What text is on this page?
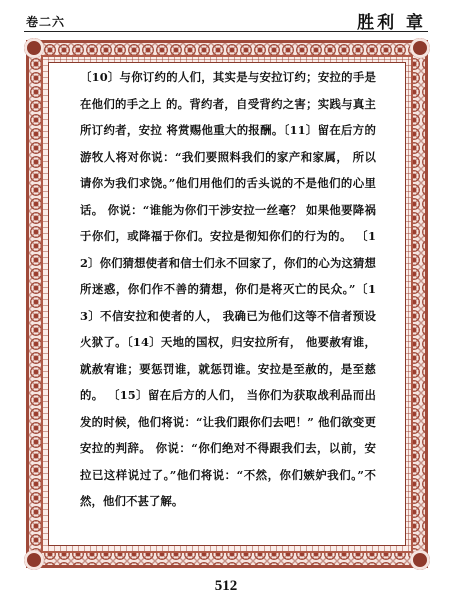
卷二六	胜利 章

〔10〕与你订约的人们，其实是与安拉订约；安拉的手是在他们的手之上 的。背约者，自受背约之害；实践与真主所订约者，安拉 将赏赐他重大的报酬。〔11〕留在后方的游牧人将对你说：“我们要照料我们的家产和家属， 所以请你为我们求饶。”他们用他们的舌头说的不是他们的心里话。 你说：“谁能为你们干涉安拉一丝毫？ 如果他要降祸于你们，或降福于你们。安拉是彻知你们的行为的。 〔12〕你们猜想使者和信士们永不回家了，你们的心为这猜想所迷惑，你们作不善的猜想，你们是将灭亡的民众。”〔13〕不信安拉和使者的人， 我确已为他们这等不信者预设火狱了。〔14〕天地的国权，归安拉所有， 他要赦宥谁，就赦宥谁；要惩罚谁，就惩罚谁。安拉是至赦的，是至慈的。 〔15〕留在后方的人们， 当你们为获取战利品而出发的时候，他们将说：“让我们跟你们去吧！” 他们欲变更安拉的判辞。 你说：“你们绝对不得跟我们去，以前，安拉已这样说过了。”他们将说：“不然，你们嫉妒我们。”不然，他们不甚了解。

512
